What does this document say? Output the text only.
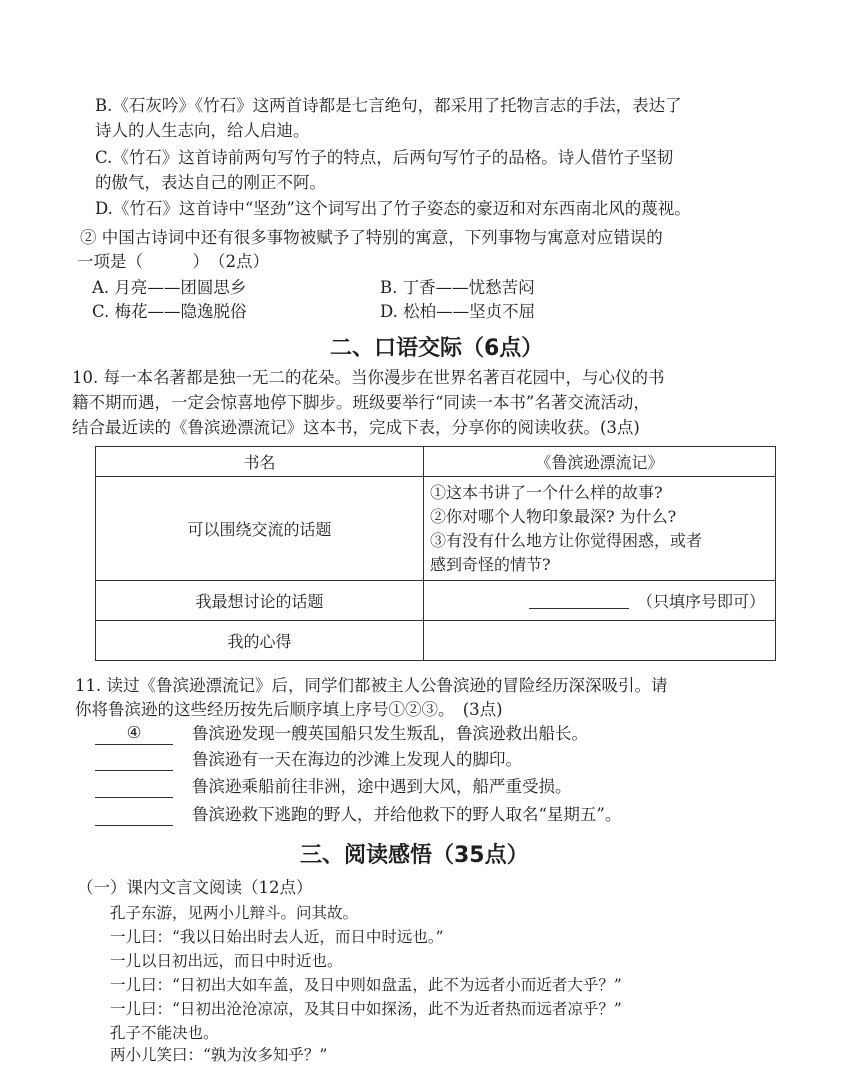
B.《石灰吟》《竹石》这两首诗都是七言绝句，都采用了托物言志的手法，表达了
诗人的人生志向，给人启迪。
C.《竹石》这首诗前两句写竹子的特点，后两句写竹子的品格。诗人借竹子坚韧
的傲气，表达自己的刚正不阿。
D.《竹石》这首诗中“坚劲”这个词写出了竹子姿态的豪迈和对东西南北风的蔑视。
② 中国古诗词中还有很多事物被赋予了特别的寓意，下列事物与寓意对应错误的
一项是（　　　）　（2点）
A. 月亮——团圆思乡	B. 丁香——忧愁苦闷
C. 梅花——隐逸脱俗	D. 松柏——坚贞不屈
二、口语交际（6点）
10. 每一本名著都是独一无二的花朵。当你漫步在世界名著百花园中，与心仪的书
籍不期而遇，一定会惊喜地停下脚步。班级要举行“同读一本书”名著交流活动，
结合最近读的《鲁滨逊漂流记》这本书，完成下表，分享你的阅读收获。(3点)
书名	《鲁滨逊漂流记》
可以围绕交流的话题	①这本书讲了一个什么样的故事?
②你对哪个人物印象最深? 为什么?
③有没有什么地方让你觉得困惑，或者
感到奇怪的情节?

我最想讨论的话题	（只填序号即可）
我的心得	
11. 读过《鲁滨逊漂流记》后，同学们都被主人公鲁滨逊的冒险经历深深吸引。请
你将鲁滨逊的这些经历按先后顺序填上序号①②③。　(3点)
④	鲁滨逊发现一艘英国船只发生叛乱，鲁滨逊救出船长。
鲁滨逊有一天在海边的沙滩上发现人的脚印。
鲁滨逊乘船前往非洲，途中遇到大风，船严重受损。
鲁滨逊救下逃跑的野人，并给他救下的野人取名“星期五”。
三、阅读感悟（35点）
（一）课内文言文阅读（12点）
孔子东游，见两小儿辩斗。问其故。
一儿曰：“我以日始出时去人近，而日中时远也。”
一儿以日初出远，而日中时近也。
一儿曰：“日初出大如车盖，及日中则如盘盂，此不为远者小而近者大乎？”
一儿曰：“日初出沧沧凉凉，及其日中如探汤，此不为近者热而远者凉乎？”
孔子不能决也。
两小儿笑曰：“孰为汝多知乎？”
